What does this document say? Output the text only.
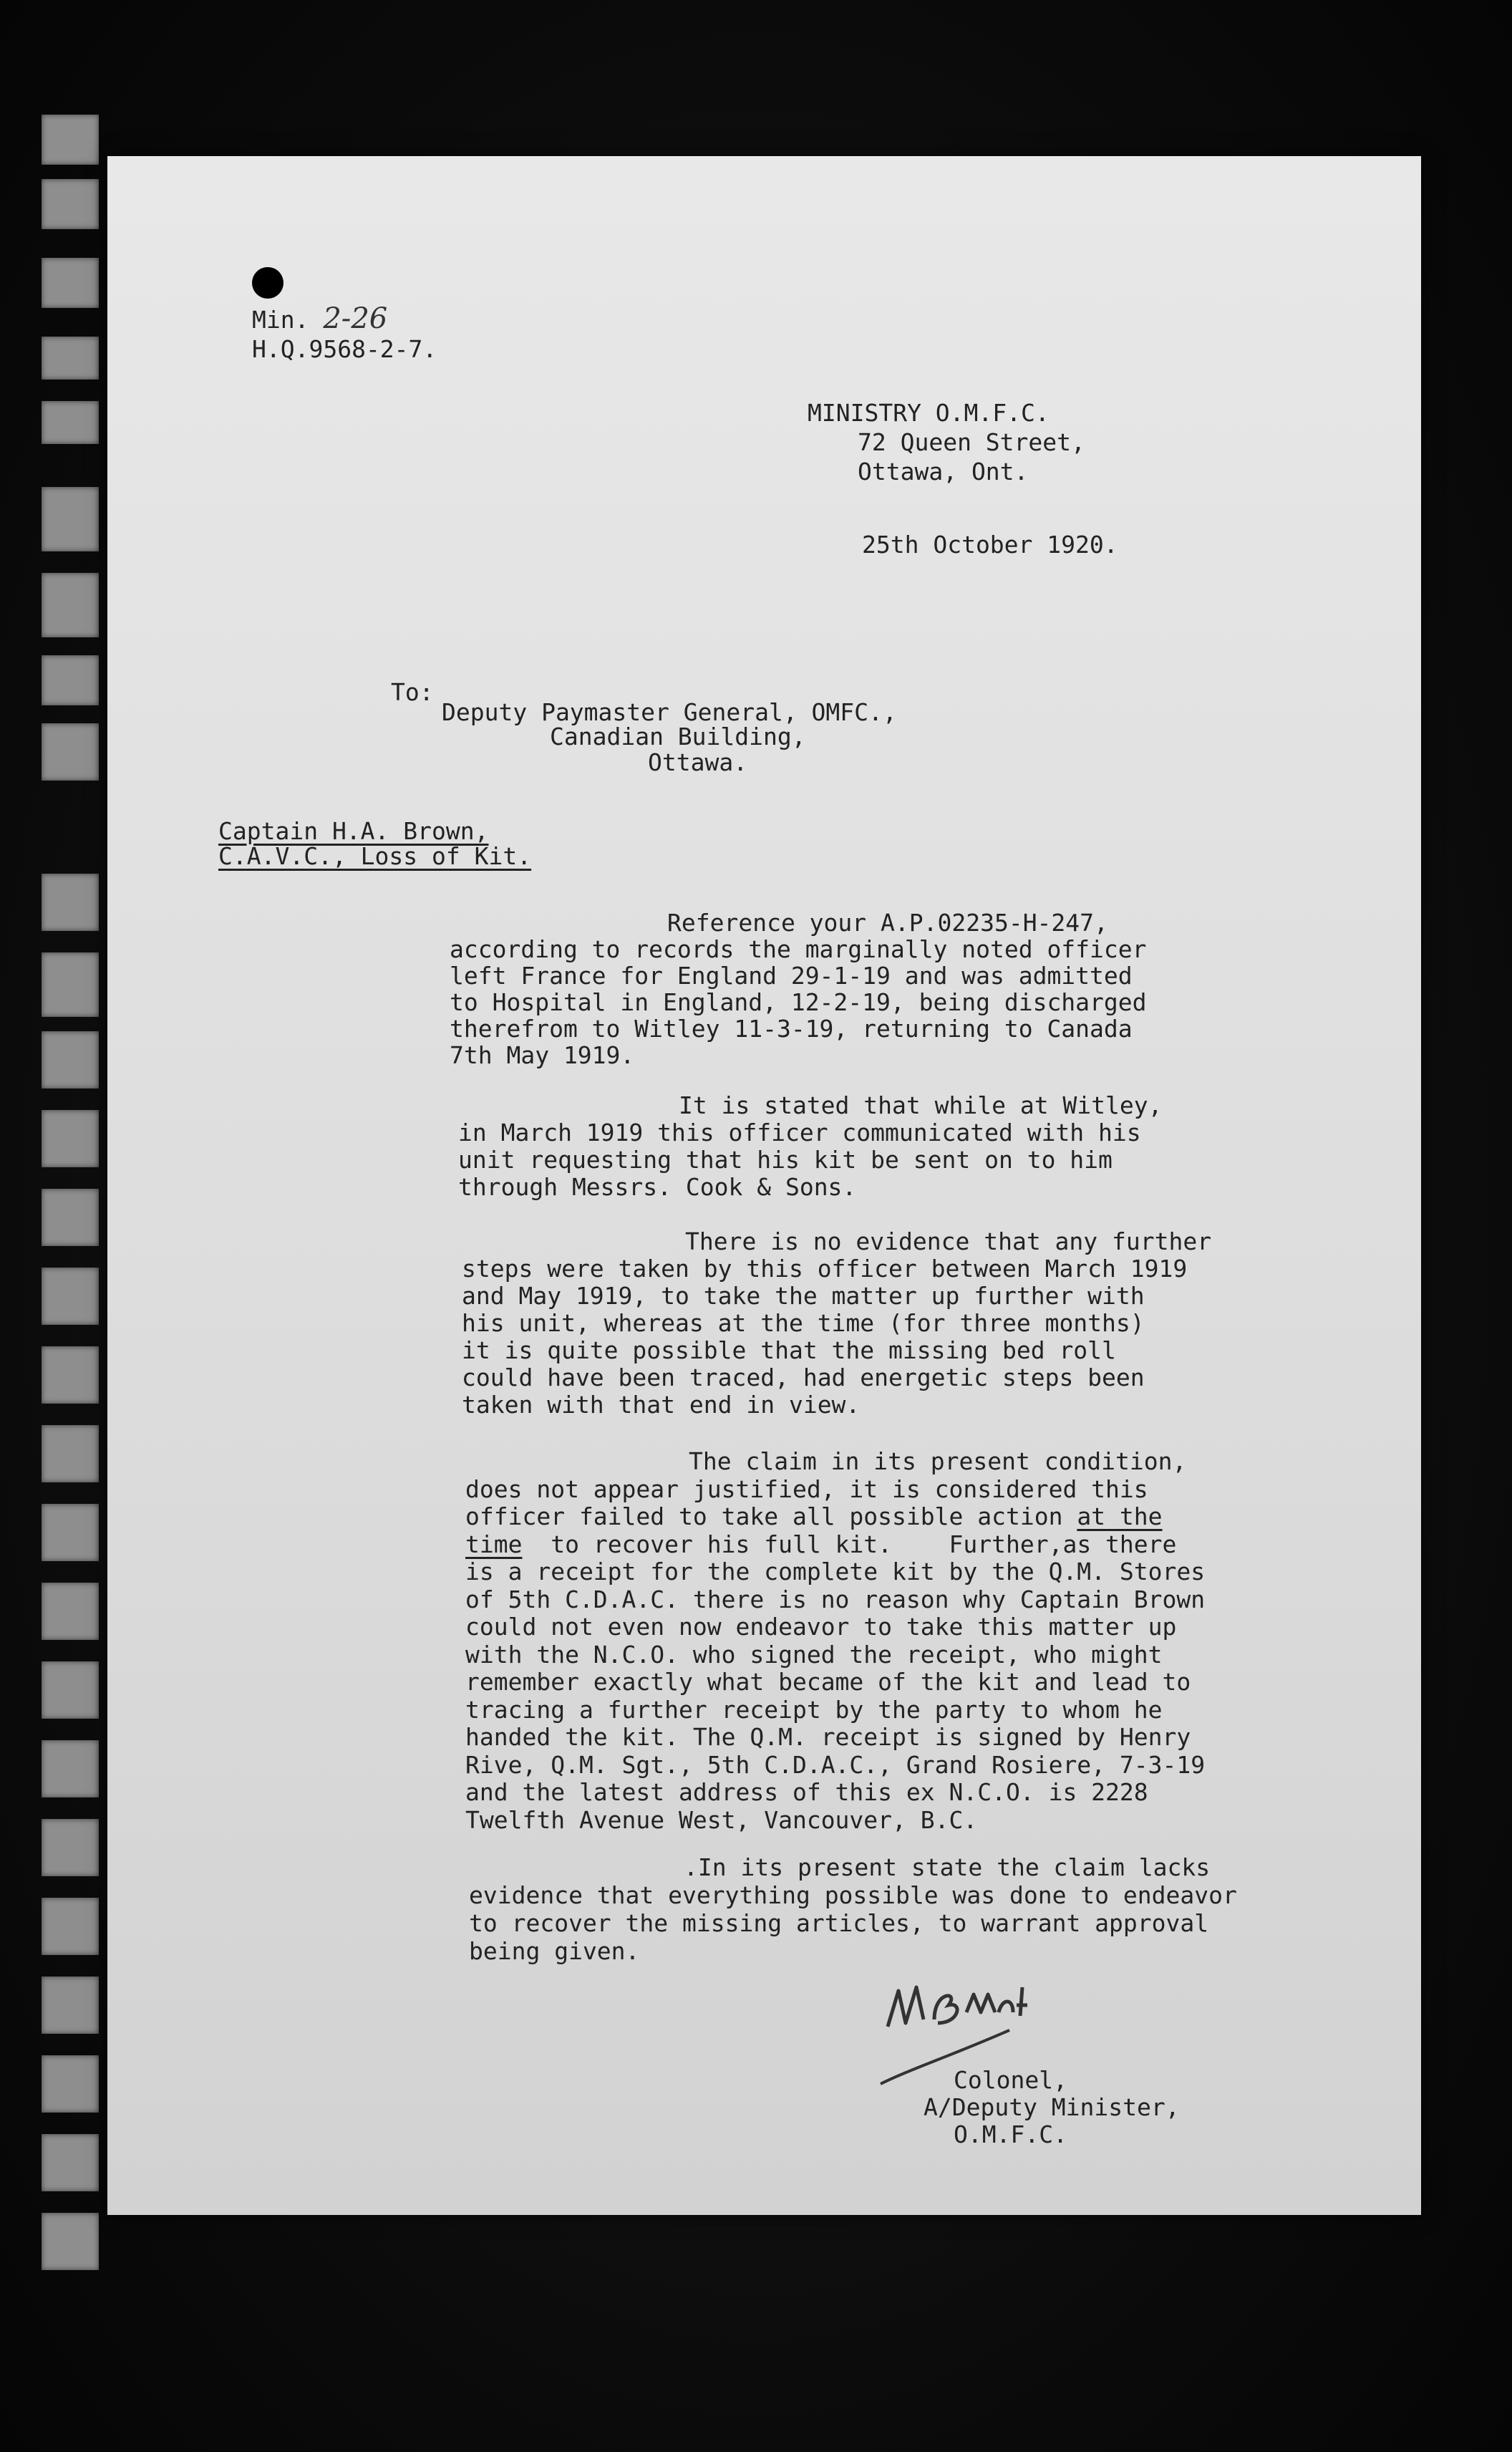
Min. 2-26
H.Q.9568-2-7.
MINISTRY O.M.F.C.
72 Queen Street,
Ottawa, Ont.
25th October 1920.
To:
Deputy Paymaster General, OMFC.,
Canadian Building,
Ottawa.
Captain H.A. Brown,
C.A.V.C., Loss of Kit.
Reference your A.P.02235-H-247,
according to records the marginally noted officer
left France for England 29-1-19 and was admitted
to Hospital in England, 12-2-19, being discharged
therefrom to Witley 11-3-19, returning to Canada
7th May 1919.
It is stated that while at Witley,
in March 1919 this officer communicated with his
unit requesting that his kit be sent on to him
through Messrs. Cook & Sons.
There is no evidence that any further
steps were taken by this officer between March 1919
and May 1919, to take the matter up further with
his unit, whereas at the time (for three months)
it is quite possible that the missing bed roll
could have been traced, had energetic steps been
taken with that end in view.
The claim in its present condition,
does not appear justified, it is considered this
officer failed to take all possible action at the
time  to recover his full kit.    Further,as there
is a receipt for the complete kit by the Q.M. Stores
of 5th C.D.A.C. there is no reason why Captain Brown
could not even now endeavor to take this matter up
with the N.C.O. who signed the receipt, who might
remember exactly what became of the kit and lead to
tracing a further receipt by the party to whom he
handed the kit. The Q.M. receipt is signed by Henry
Rive, Q.M. Sgt., 5th C.D.A.C., Grand Rosiere, 7-3-19
and the latest address of this ex N.C.O. is 2228
Twelfth Avenue West, Vancouver, B.C.
.In its present state the claim lacks
evidence that everything possible was done to endeavor
to recover the missing articles, to warrant approval
being given.
Colonel,
A/Deputy Minister,
O.M.F.C.
